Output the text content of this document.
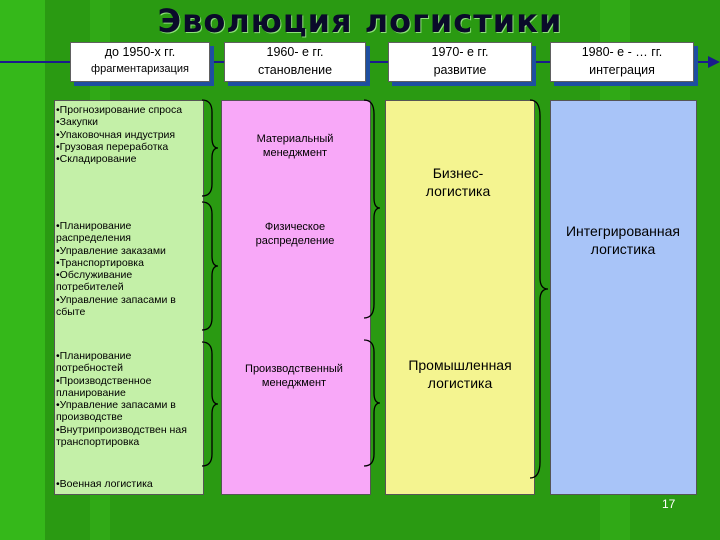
Эволюция логистики
до 1950-х гг.
фрагментаризация
1960- е гг.
становление
1970- е гг.
развитие
1980- е - … гг.
интеграция
•Прогнозирование спроса
•Закупки
•Упаковочная индустрия
•Грузовая переработка
•Складирование
•Планирование распределения
•Управление заказами
•Транспортировка
•Обслуживание потребителей
•Управление запасами в сбыте
•Планирование потребностей
•Производственное планирование
•Управление запасами в производстве
•Внутрипроизводствен ная транспортировка
•Военная логистика
Материальный менеджмент
Физическое распределение
Производственный менеджмент
Бизнес-логистика
Промышленная логистика
Интегрированная логистика
17
